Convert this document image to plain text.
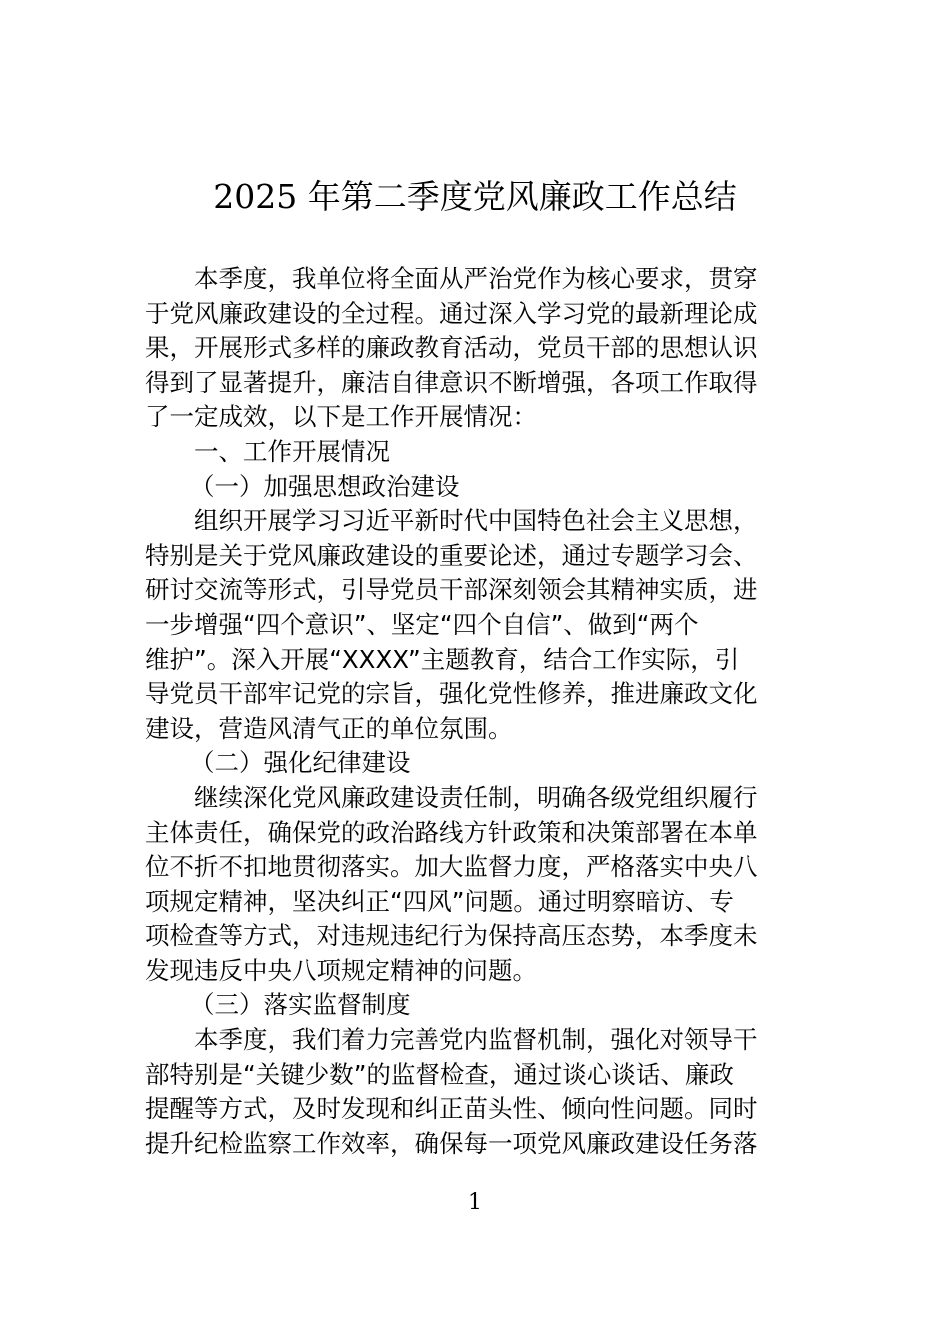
2025 年第二季度党风廉政工作总结
本季度，我单位将全面从严治党作为核心要求，贯穿
于党风廉政建设的全过程。通过深入学习党的最新理论成
果，开展形式多样的廉政教育活动，党员干部的思想认识
得到了显著提升，廉洁自律意识不断增强，各项工作取得
了一定成效，以下是工作开展情况：
一、工作开展情况
（一）加强思想政治建设
组织开展学习习近平新时代中国特色社会主义思想，
特别是关于党风廉政建设的重要论述，通过专题学习会、
研讨交流等形式，引导党员干部深刻领会其精神实质，进
一步增强“四个意识”、坚定“四个自信”、做到“两个
维护”。深入开展“XXXX”主题教育，结合工作实际，引
导党员干部牢记党的宗旨，强化党性修养，推进廉政文化
建设，营造风清气正的单位氛围。
（二）强化纪律建设
继续深化党风廉政建设责任制，明确各级党组织履行
主体责任，确保党的政治路线方针政策和决策部署在本单
位不折不扣地贯彻落实。加大监督力度，严格落实中央八
项规定精神，坚决纠正“四风”问题。通过明察暗访、专
项检查等方式，对违规违纪行为保持高压态势，本季度未
发现违反中央八项规定精神的问题。
（三）落实监督制度
本季度，我们着力完善党内监督机制，强化对领导干
部特别是“关键少数”的监督检查，通过谈心谈话、廉政
提醒等方式，及时发现和纠正苗头性、倾向性问题。同时
提升纪检监察工作效率，确保每一项党风廉政建设任务落
1
